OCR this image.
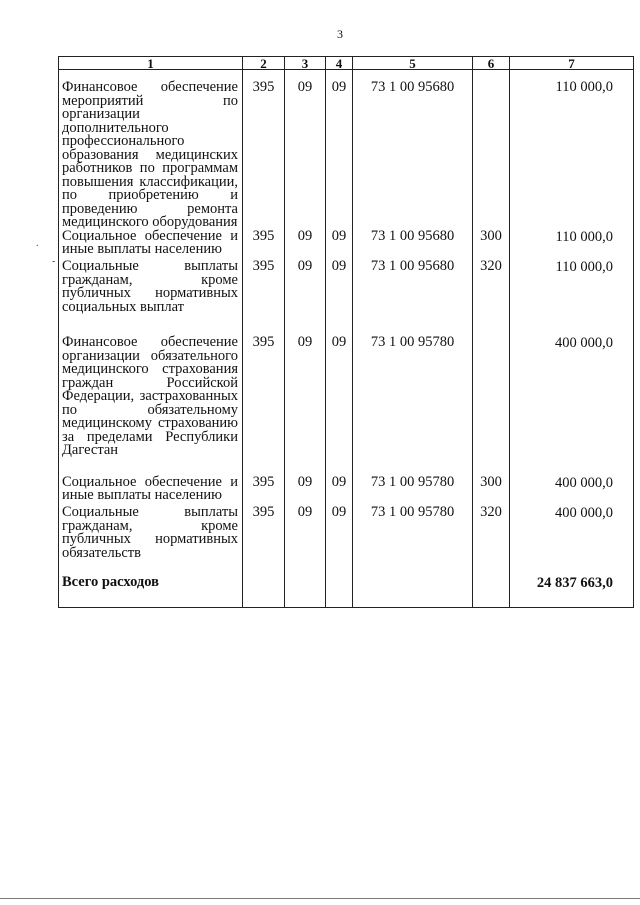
3
.
-
1	2	3	4	5	6	7
Финансовое обеспечение мероприятий по организации дополнительного профессионального образования медицинских работников по программам повышения классификации, по приобретению и проведению ремонта медицинского оборудования	395	09	09	73 1 00 95680		110 000,0
Социальное обеспечение и иные выплаты населению	395	09	09	73 1 00 95680	300	110 000,0
Социальные выплаты гражданам, кроме публичных нормативных социальных выплат	395	09	09	73 1 00 95680	320	110 000,0
Финансовое обеспечение организации обязательного медицинского страхования граждан Российской Федерации, застрахованных по обязательному медицинскому страхованию за пределами Республики Дагестан	395	09	09	73 1 00 95780		400 000,0
Социальное обеспечение и иные выплаты населению	395	09	09	73 1 00 95780	300	400 000,0
Социальные выплаты гражданам, кроме публичных нормативных обязательств	395	09	09	73 1 00 95780	320	400 000,0
Всего расходов						24 837 663,0
